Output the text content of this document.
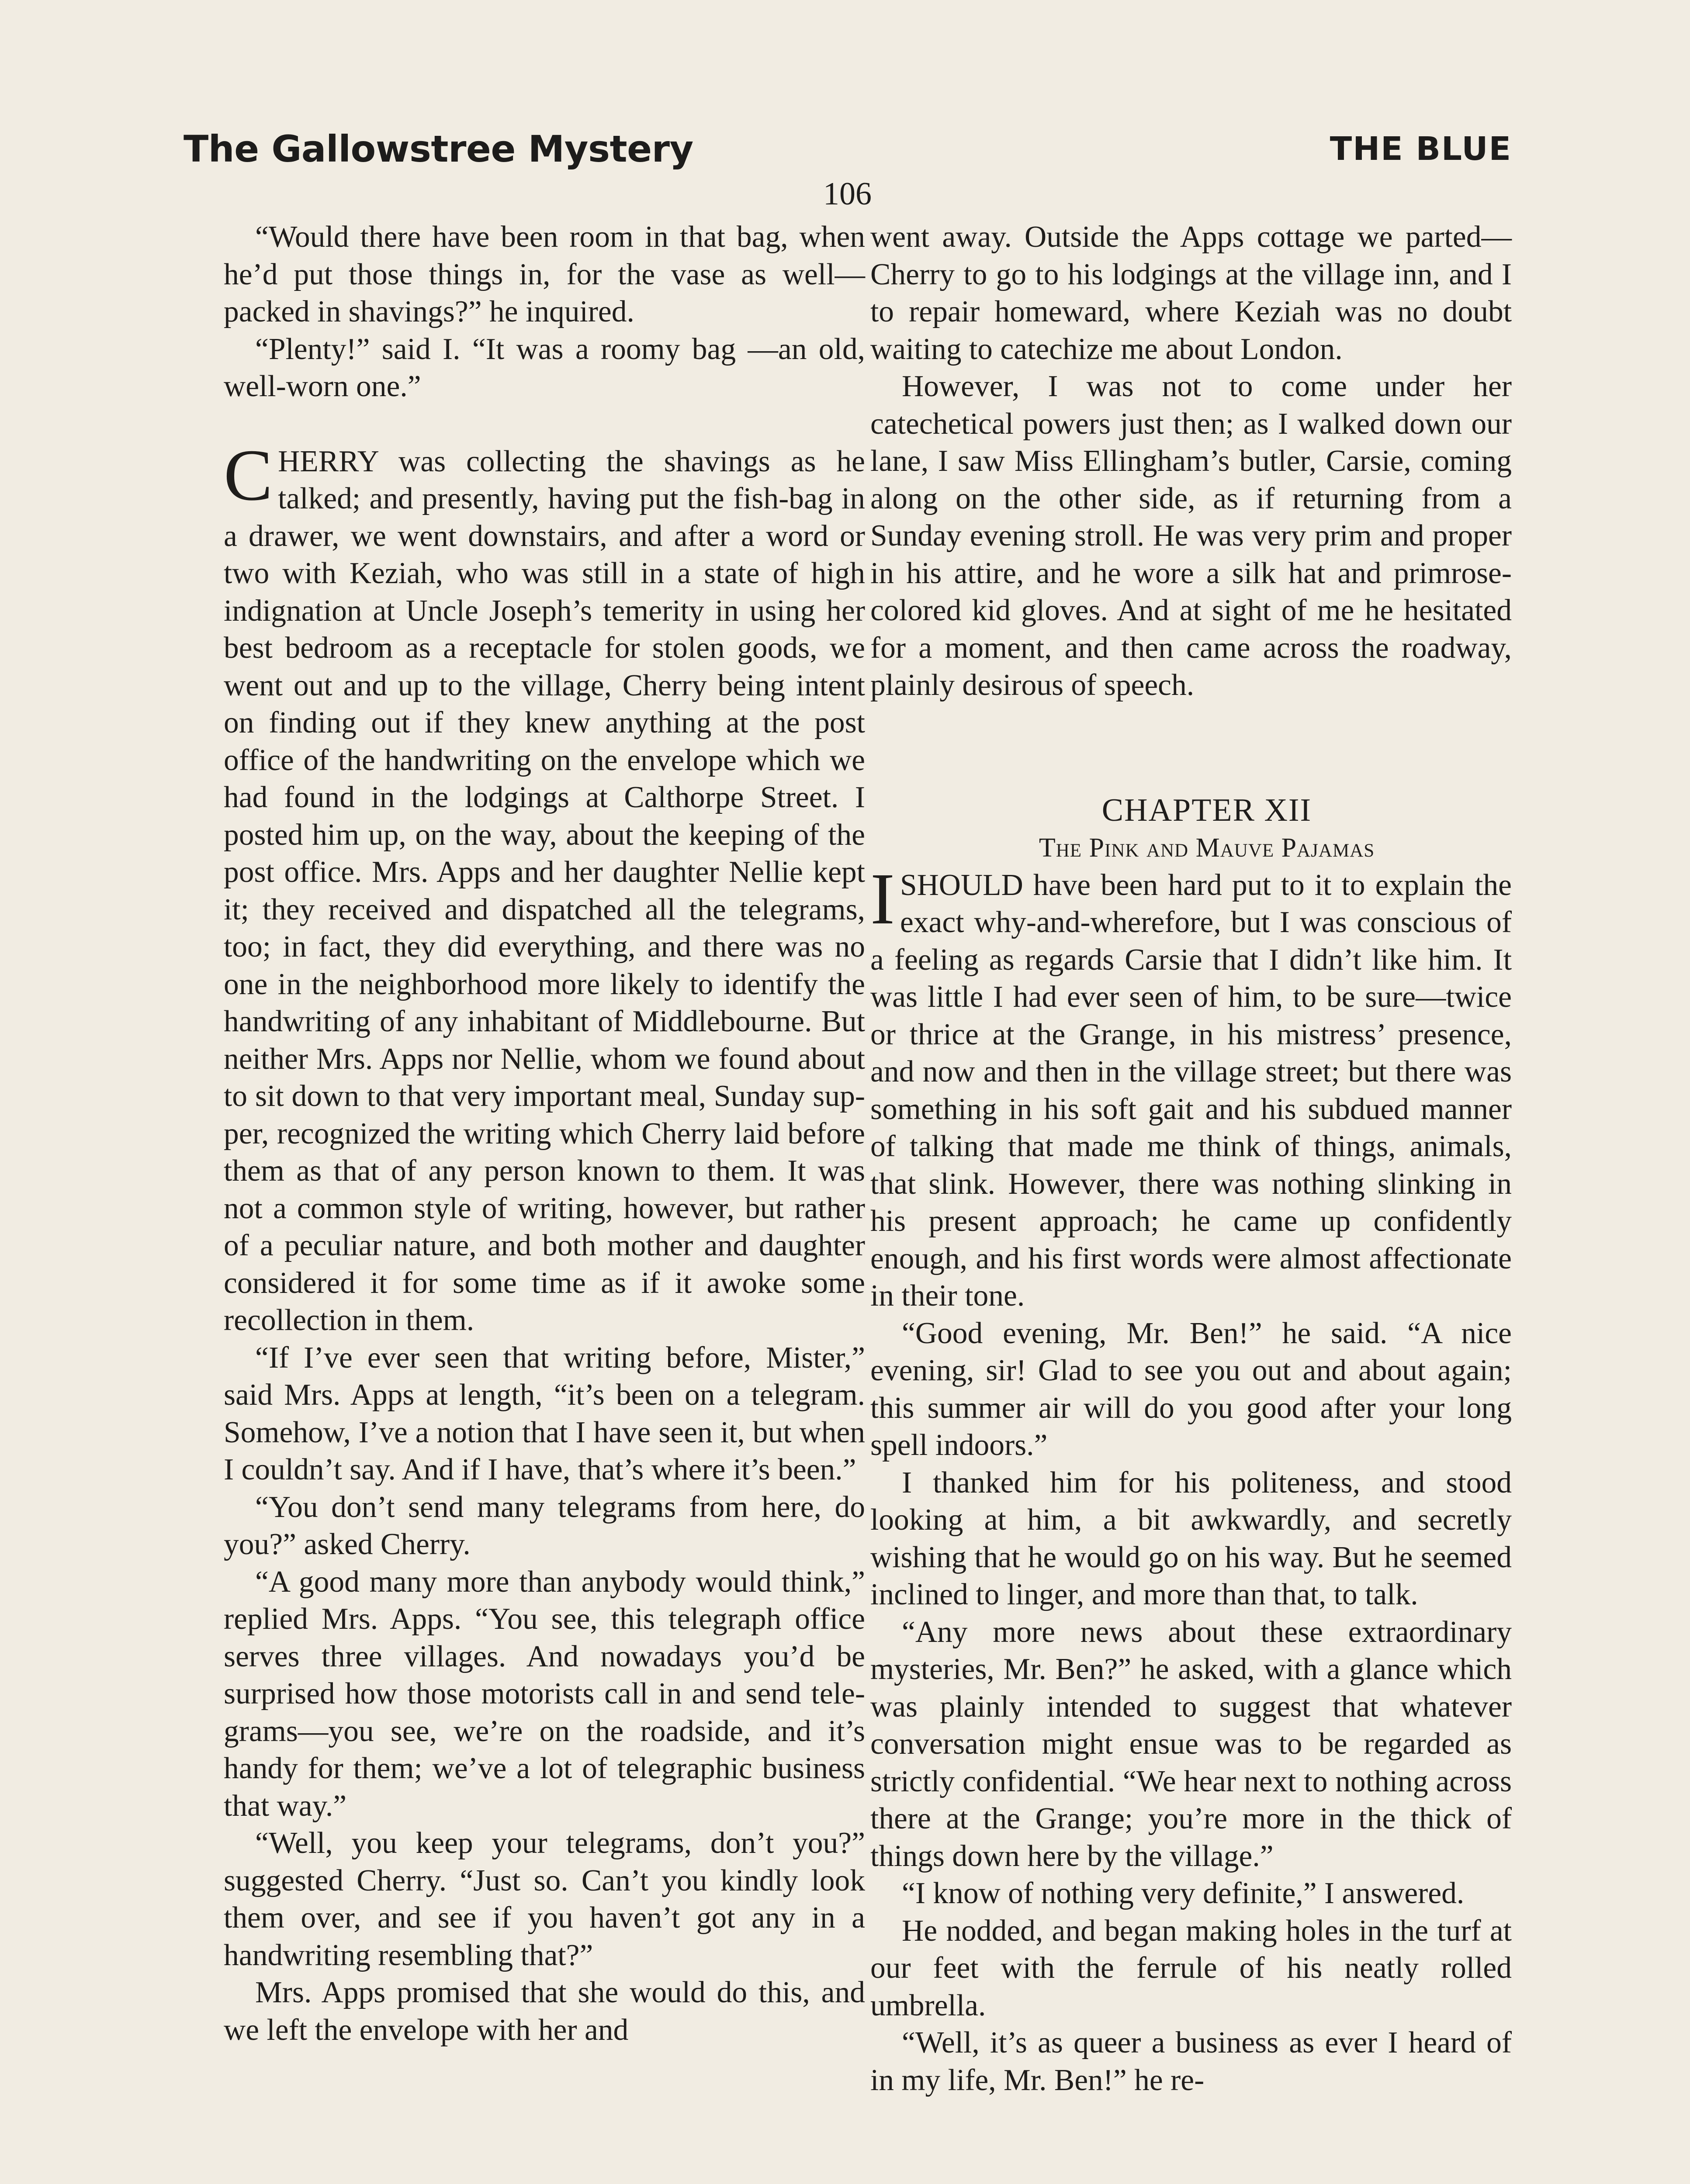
The Gallowstree Mystery	THE BLUE
106

“Would there have been room in that bag, when he’d put those things in, for the vase as well—packed in shavings?” he inquired.

“Plenty!” said I. “It was a roomy bag —an old, well-worn one.”

CHERRY was collecting the shavings as he talked; and presently, having put the fish-bag in a drawer, we went downstairs, and after a word or two with Keziah, who was still in a state of high indignation at Uncle Joseph’s temerity in using her best bedroom as a receptacle for stolen goods, we went out and up to the village, Cherry being intent on finding out if they knew anything at the post office of the handwriting on the envelope which we had found in the lodgings at Calthorpe Street. I posted him up, on the way, about the keeping of the post office. Mrs. Apps and her daughter Nellie kept it; they received and dispatched all the telegrams, too; in fact, they did everything, and there was no one in the neighborhood more likely to identify the handwriting of any inhabitant of Middlebourne. But neither Mrs. Apps nor Nellie, whom we found about to sit down to that very important meal, Sunday supper, recognized the writing which Cherry laid before them as that of any person known to them. It was not a common style of writing, however, but rather of a peculiar nature, and both mother and daughter considered it for some time as if it awoke some recollection in them.

“If I’ve ever seen that writing before, Mister,” said Mrs. Apps at length, “it’s been on a telegram. Somehow, I’ve a notion that I have seen it, but when I couldn’t say. And if I have, that’s where it’s been.”

“You don’t send many telegrams from here, do you?” asked Cherry.

“A good many more than anybody would think,” replied Mrs. Apps. “You see, this telegraph office serves three villages. And nowadays you’d be surprised how those motorists call in and send telegrams—you see, we’re on the roadside, and it’s handy for them; we’ve a lot of telegraphic business that way.”

“Well, you keep your telegrams, don’t you?” suggested Cherry. “Just so. Can’t you kindly look them over, and see if you haven’t got any in a handwriting resembling that?”

Mrs. Apps promised that she would do this, and we left the envelope with her and

went away. Outside the Apps cottage we parted—Cherry to go to his lodgings at the village inn, and I to repair homeward, where Keziah was no doubt waiting to catechize me about London.

However, I was not to come under her catechetical powers just then; as I walked down our lane, I saw Miss Ellingham’s butler, Carsie, coming along on the other side, as if returning from a Sunday evening stroll. He was very prim and proper in his attire, and he wore a silk hat and primrose-colored kid gloves. And at sight of me he hesitated for a moment, and then came across the roadway, plainly desirous of speech.

CHAPTER XII

The Pink and Mauve Pajamas

ISHOULD have been hard put to it to explain the exact why-and-wherefore, but I was conscious of a feeling as regards Carsie that I didn’t like him. It was little I had ever seen of him, to be sure—twice or thrice at the Grange, in his mistress’ presence, and now and then in the village street; but there was something in his soft gait and his subdued manner of talking that made me think of things, animals, that slink. However, there was nothing slinking in his present approach; he came up confidently enough, and his first words were almost affectionate in their tone.

“Good evening, Mr. Ben!” he said. “A nice evening, sir! Glad to see you out and about again; this summer air will do you good after your long spell indoors.”

I thanked him for his politeness, and stood looking at him, a bit awkwardly, and secretly wishing that he would go on his way. But he seemed inclined to linger, and more than that, to talk.

“Any more news about these extraordinary mysteries, Mr. Ben?” he asked, with a glance which was plainly intended to suggest that whatever conversation might ensue was to be regarded as strictly confidential. “We hear next to nothing across there at the Grange; you’re more in the thick of things down here by the village.”

“I know of nothing very definite,” I answered.

He nodded, and began making holes in the turf at our feet with the ferrule of his neatly rolled umbrella.

“Well, it’s as queer a business as ever I heard of in my life, Mr. Ben!” he re-
